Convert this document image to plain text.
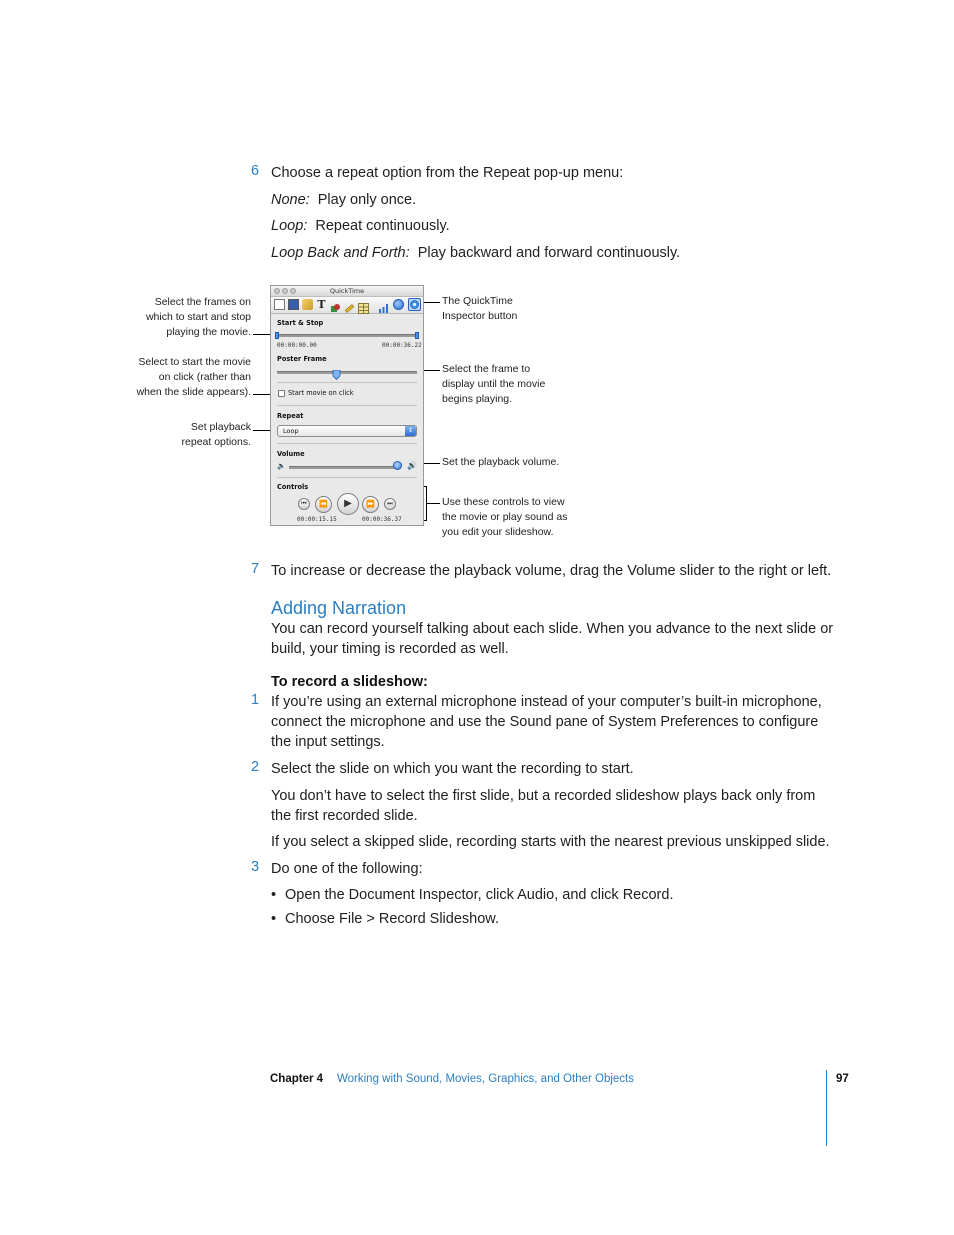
6 Choose a repeat option from the Repeat pop-up menu:
None: Play only once.
Loop: Repeat continuously.
Loop Back and Forth: Play backward and forward continuously.
Select the frames on
which to start and stop
playing the movie.
Select to start the movie
on click (rather than
when the slide appears).
Set playback
repeat options.
The QuickTime
Inspector button
Select the frame to
display until the movie
begins playing.
Set the playback volume.
Use these controls to view
the movie or play sound as
you edit your slideshow.
QuickTime
T
Start & Stop
00:00:00.00	00:00:36.22
Poster Frame
Start movie on click
Repeat
Loop	↕
Volume
🔈	🔊
Controls
⏮	⏪	▶	⏩	⏭
00:00:15.15	00:00:36.37
7 To increase or decrease the playback volume, drag the Volume slider to the right or left.
Adding Narration
You can record yourself talking about each slide. When you advance to the next slide or
build, your timing is recorded as well.
To record a slideshow:
1 If you’re using an external microphone instead of your computer’s built-in microphone,
connect the microphone and use the Sound pane of System Preferences to configure
the input settings.
2 Select the slide on which you want the recording to start.
You don’t have to select the first slide, but a recorded slideshow plays back only from
the first recorded slide.
If you select a skipped slide, recording starts with the nearest previous unskipped slide.
3 Do one of the following:
• Open the Document Inspector, click Audio, and click Record.
• Choose File > Record Slideshow.
Chapter 4 Working with Sound, Movies, Graphics, and Other Objects	97
